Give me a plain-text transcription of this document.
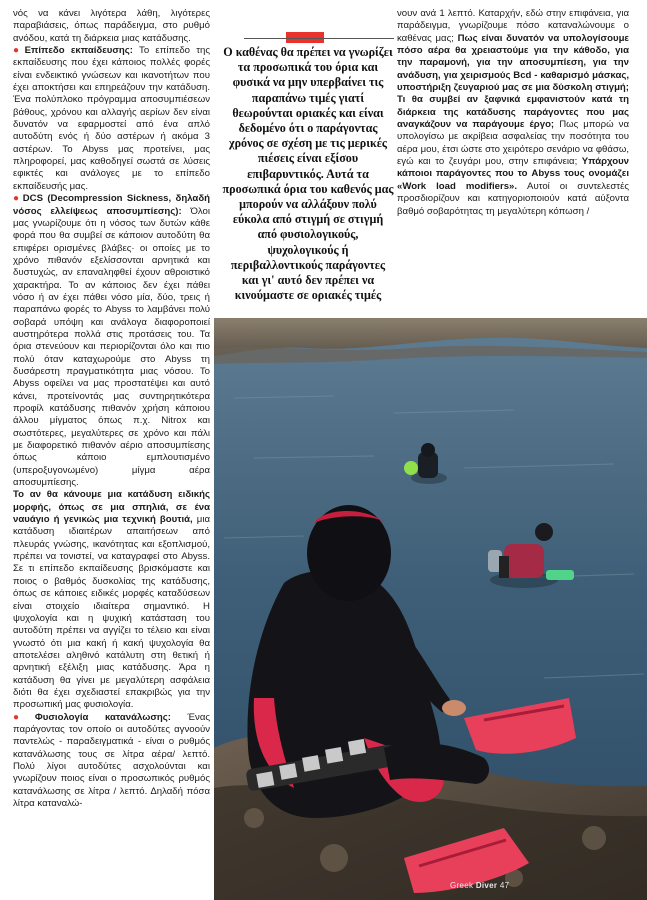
νός να κάνει λιγότερα λάθη, λιγότερες παραβιάσεις, όπως παράδειγμα, στο ρυθμό ανόδου, κατά τη διάρκεια μιας κατάδυσης.

● Επίπεδο εκπαίδευσης: Το επίπεδο της εκπαίδευσης που έχει κάποιος πολλές φορές είναι ενδεικτικό γνώσεων και ικανοτήτων που έχει αποκτήσει και επηρεάζουν την κατάδυση. Ένα πολύπλοκο πρόγραμμα αποσυμπιέσεων βάθους, χρόνου και αλλαγής αερίων δεν είναι δυνατόν να εφαρμοστεί από ένα απλό αυτοδύτη ενός ή δύο αστέρων ή ακόμα 3 αστέρων. Το Abyss μας προτείνει, μας πληροφορεί, μας καθοδηγεί σωστά σε λύσεις εφικτές και ανάλογες με το επίπεδο εκπαίδευσής μας.

● DCS (Decompression Sickness, δηλαδή νόσος ελλείψεως αποσυμπίεσης): Όλοι μας γνωρίζουμε ότι η νόσος των δυτών κάθε φορά που θα συμβεί σε κάποιον αυτοδύτη θα επιφέρει ορισμένες βλάβες· οι οποίες με το χρόνο πιθανόν εξελίσσονται αρνητικά και δυστυχώς, αν επαναληφθεί έχουν αθροιστικό χαρακτήρα. Το αν κάποιος δεν έχει πάθει νόσο ή αν έχει πάθει νόσο μία, δύο, τρεις ή παραπάνω φορές το Abyss το λαμβάνει πολύ σοβαρά υπόψη και ανάλογα διαφοροποιεί αυστηρότερα πολλά στις προτάσεις του. Τα όρια στενεύουν και περιορίζονται όλο και πιο πολύ όταν καταχωρούμε στο Abyss τη δυσάρεστη πραγματικότητα μιας νόσου. Το Abyss οφείλει να μας προστατέψει και αυτό κάνει, προτείνοντάς μας συντηρητικότερα προφίλ κατάδυσης πιθανόν χρήση κάποιου άλλου μίγματος όπως π.χ. Nitrox και σωστότερες, μεγαλύτερες σε χρόνο και πάλι με διαφορετικό πιθανόν αέριο αποσυμπίεσης όπως κάποιο εμπλουτισμένο (υπεροξυγονωμένο) μίγμα αέρα αποσυμπίεσης.

Το αν θα κάνουμε μια κατάδυση ειδικής μορφής, όπως σε μια σπηλιά, σε ένα ναυάγιο ή γενικώς μια τεχνική βουτιά, μια κατάδυση ιδιαιτέρων απαιτήσεων από πλευράς γνώσης, ικανότητας και εξοπλισμού, πρέπει να τονιστεί, να καταγραφεί στο Abyss. Σε τι επίπεδο εκπαίδευσης βρισκόμαστε και ποιος ο βαθμός δυσκολίας της κατάδυσης, όπως σε κάποιες ειδικές μορφές καταδύσεων είναι στοιχείο ιδιαίτερα σημαντικό. Η ψυχολογία και η ψυχική κατάσταση του αυτοδύτη πρέπει να αγγίζει το τέλειο και είναι γνωστό ότι μια κακή ή κακή ψυχολογία θα αποτελέσει αληθινό κατάλυτη στη θετική ή αρνητική εξέλιξη μιας κατάδυσης. Άρα η κατάδυση θα γίνει με μεγαλύτερη ασφάλεια διότι θα έχει σχεδιαστεί επακριβώς για την προσωπική μας φυσιολογία.

● Φυσιολογία κατανάλωσης: Ένας παράγοντας τον οποίο οι αυτοδύτες αγνοούν παντελώς - παραδειγματικά - είναι ο ρυθμός κατανάλωσης τους σε λίτρα αέρα/ λεπτό. Πολύ λίγοι αυτοδύτες ασχολούνται και γνωρίζουν ποιος είναι ο προσωπικός ρυθμός κατανάλωσης σε λίτρα / λεπτό. Δηλαδή πόσα λίτρα καταναλώ-

Ο καθένας θα πρέπει να γνωρίζει τα προσωπικά του όρια και φυσικά να μην υπερβαίνει τις παραπάνω τιμές γιατί θεωρούνται οριακές και είναι δεδομένο ότι ο παράγοντας χρόνος σε σχέση με τις μερικές πιέσεις είναι εξίσου επιβαρυντικός. Αυτά τα προσωπικά όρια του καθενός μας μπορούν να αλλάξουν πολύ εύκολα από στιγμή σε στιγμή από φυσιολογικούς, ψυχολογικούς ή περιβαλλοντικούς παράγοντες και γι' αυτό δεν πρέπει να κινούμαστε σε οριακές τιμές

νουν ανά 1 λεπτό. Καταρχήν, εδώ στην επιφάνεια, για παράδειγμα, γνωρίζουμε πόσο καταναλώνουμε ο καθένας μας; Πως είναι δυνατόν να υπολογίσουμε πόσο αέρα θα χρειαστούμε για την κάθοδο, για την παραμονή, για την αποσυμπίεση, για την ανάδυση, για χειρισμούς Bcd - καθαρισμό μάσκας, υποστήριξη ζευγαριού μας σε μια δύσκολη στιγμή; Τι θα συμβεί αν ξαφνικά εμφανιστούν κατά τη διάρκεια της κατάδυσης παράγοντες που μας αναγκάζουν να παράγουμε έργο; Πως μπορώ να υπολογίσω με ακρίβεια ασφαλείας την ποσότητα του αέρα μου, έτσι ώστε στο χειρότερο σενάριο να φθάσω, εγώ και το ζευγάρι μου, στην επιφάνεια; Υπάρχουν κάποιοι παράγοντες που το Abyss τους ονομάζει «Work load modifiers». Αυτοί οι συντελεστές προσδιορίζουν και κατηγοριοποιούν κατά αύξοντα βαθμό σοβαρότητας τη μεγαλύτερη κόπωση /

Greek Diver 47
